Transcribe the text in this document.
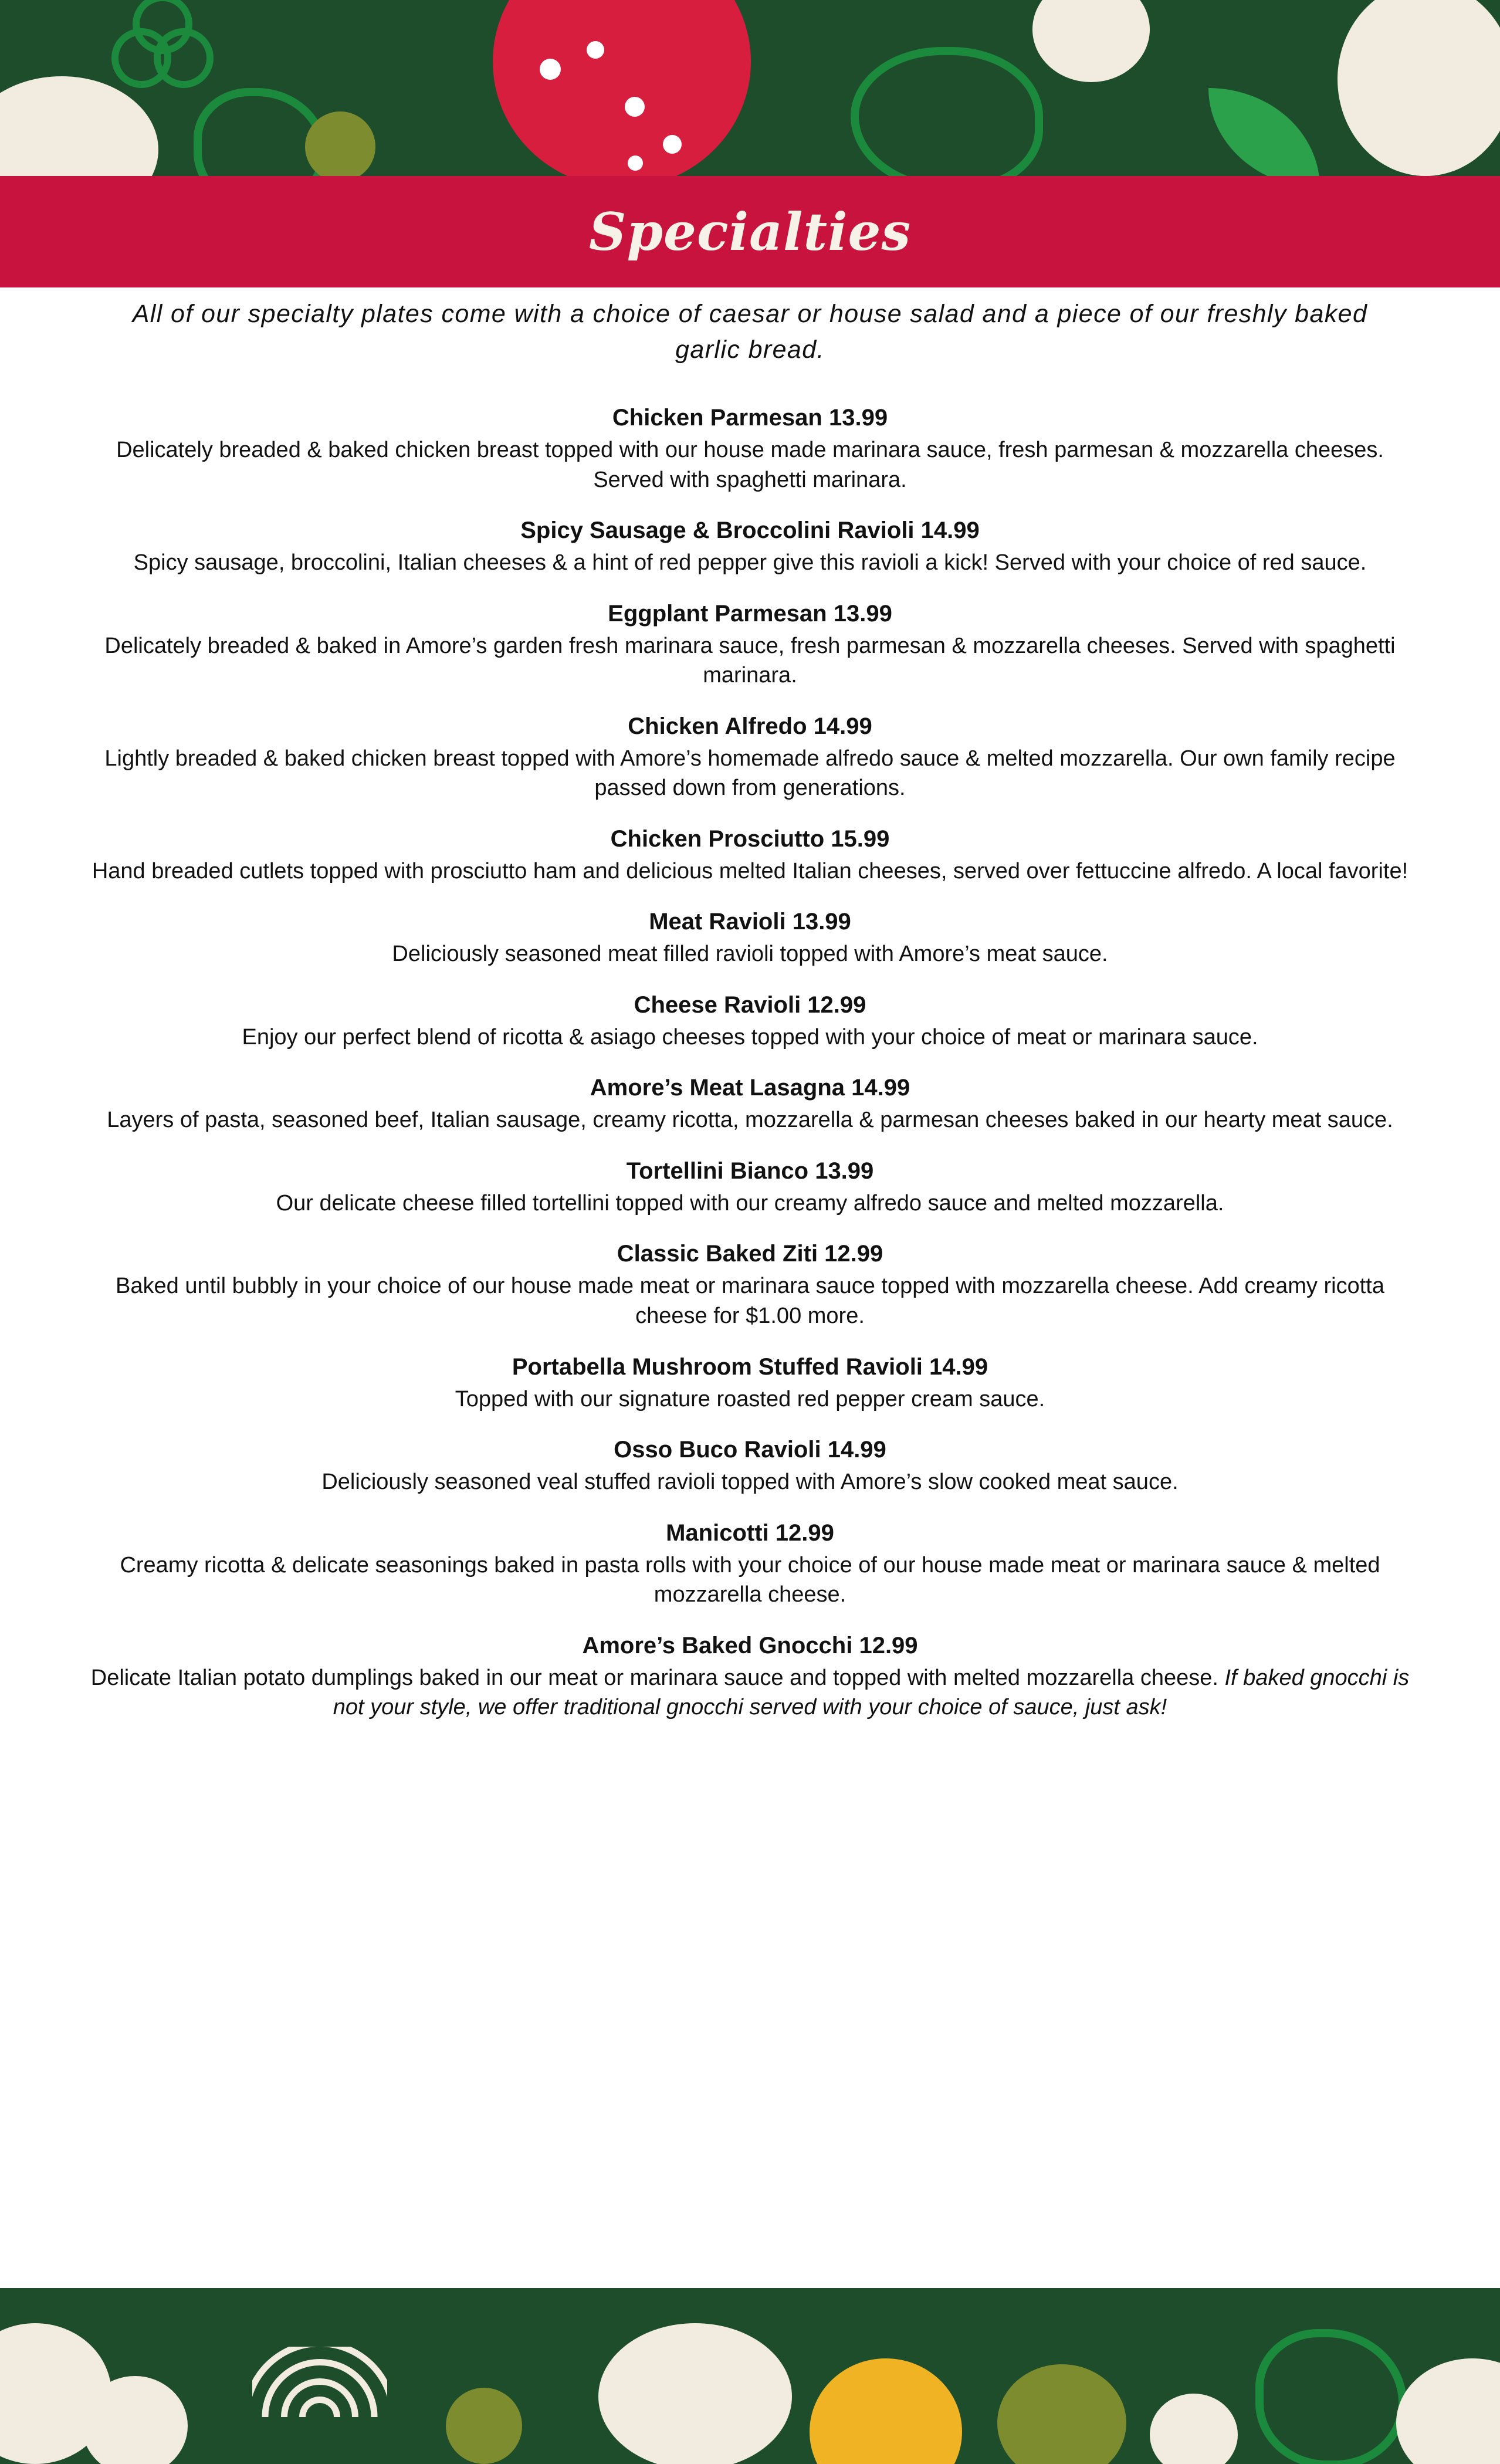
Specialties

All of our specialty plates come with a choice of caesar or house salad and a piece of our freshly baked garlic bread.

Chicken Parmesan 13.99

Delicately breaded & baked chicken breast topped with our house made marinara sauce, fresh parmesan & mozzarella cheeses. Served with spaghetti marinara.

Spicy Sausage & Broccolini Ravioli 14.99

Spicy sausage, broccolini, Italian cheeses & a hint of red pepper give this ravioli a kick! Served with your choice of red sauce.

Eggplant Parmesan 13.99

Delicately breaded & baked in Amore’s garden fresh marinara sauce, fresh parmesan & mozzarella cheeses. Served with spaghetti marinara.

Chicken Alfredo 14.99

Lightly breaded & baked chicken breast topped with Amore’s homemade alfredo sauce & melted mozzarella. Our own family recipe passed down from generations.

Chicken Prosciutto 15.99

Hand breaded cutlets topped with prosciutto ham and delicious melted Italian cheeses, served over fettuccine alfredo. A local favorite!

Meat Ravioli 13.99

Deliciously seasoned meat filled ravioli topped with Amore’s meat sauce.

Cheese Ravioli 12.99

Enjoy our perfect blend of ricotta & asiago cheeses topped with your choice of meat or marinara sauce.

Amore’s Meat Lasagna 14.99

Layers of pasta, seasoned beef, Italian sausage, creamy ricotta, mozzarella & parmesan cheeses baked in our hearty meat sauce.

Tortellini Bianco 13.99

Our delicate cheese filled tortellini topped with our creamy alfredo sauce and melted mozzarella.

Classic Baked Ziti 12.99

Baked until bubbly in your choice of our house made meat or marinara sauce topped with mozzarella cheese. Add creamy ricotta cheese for $1.00 more.

Portabella Mushroom Stuffed Ravioli 14.99

Topped with our signature roasted red pepper cream sauce.

Osso Buco Ravioli 14.99

Deliciously seasoned veal stuffed ravioli topped with Amore’s slow cooked meat sauce.

Manicotti 12.99

Creamy ricotta & delicate seasonings baked in pasta rolls with your choice of our house made meat or marinara sauce & melted mozzarella cheese.

Amore’s Baked Gnocchi 12.99

Delicate Italian potato dumplings baked in our meat or marinara sauce and topped with melted mozzarella cheese. If baked gnocchi is not your style, we offer traditional gnocchi served with your choice of sauce, just ask!
